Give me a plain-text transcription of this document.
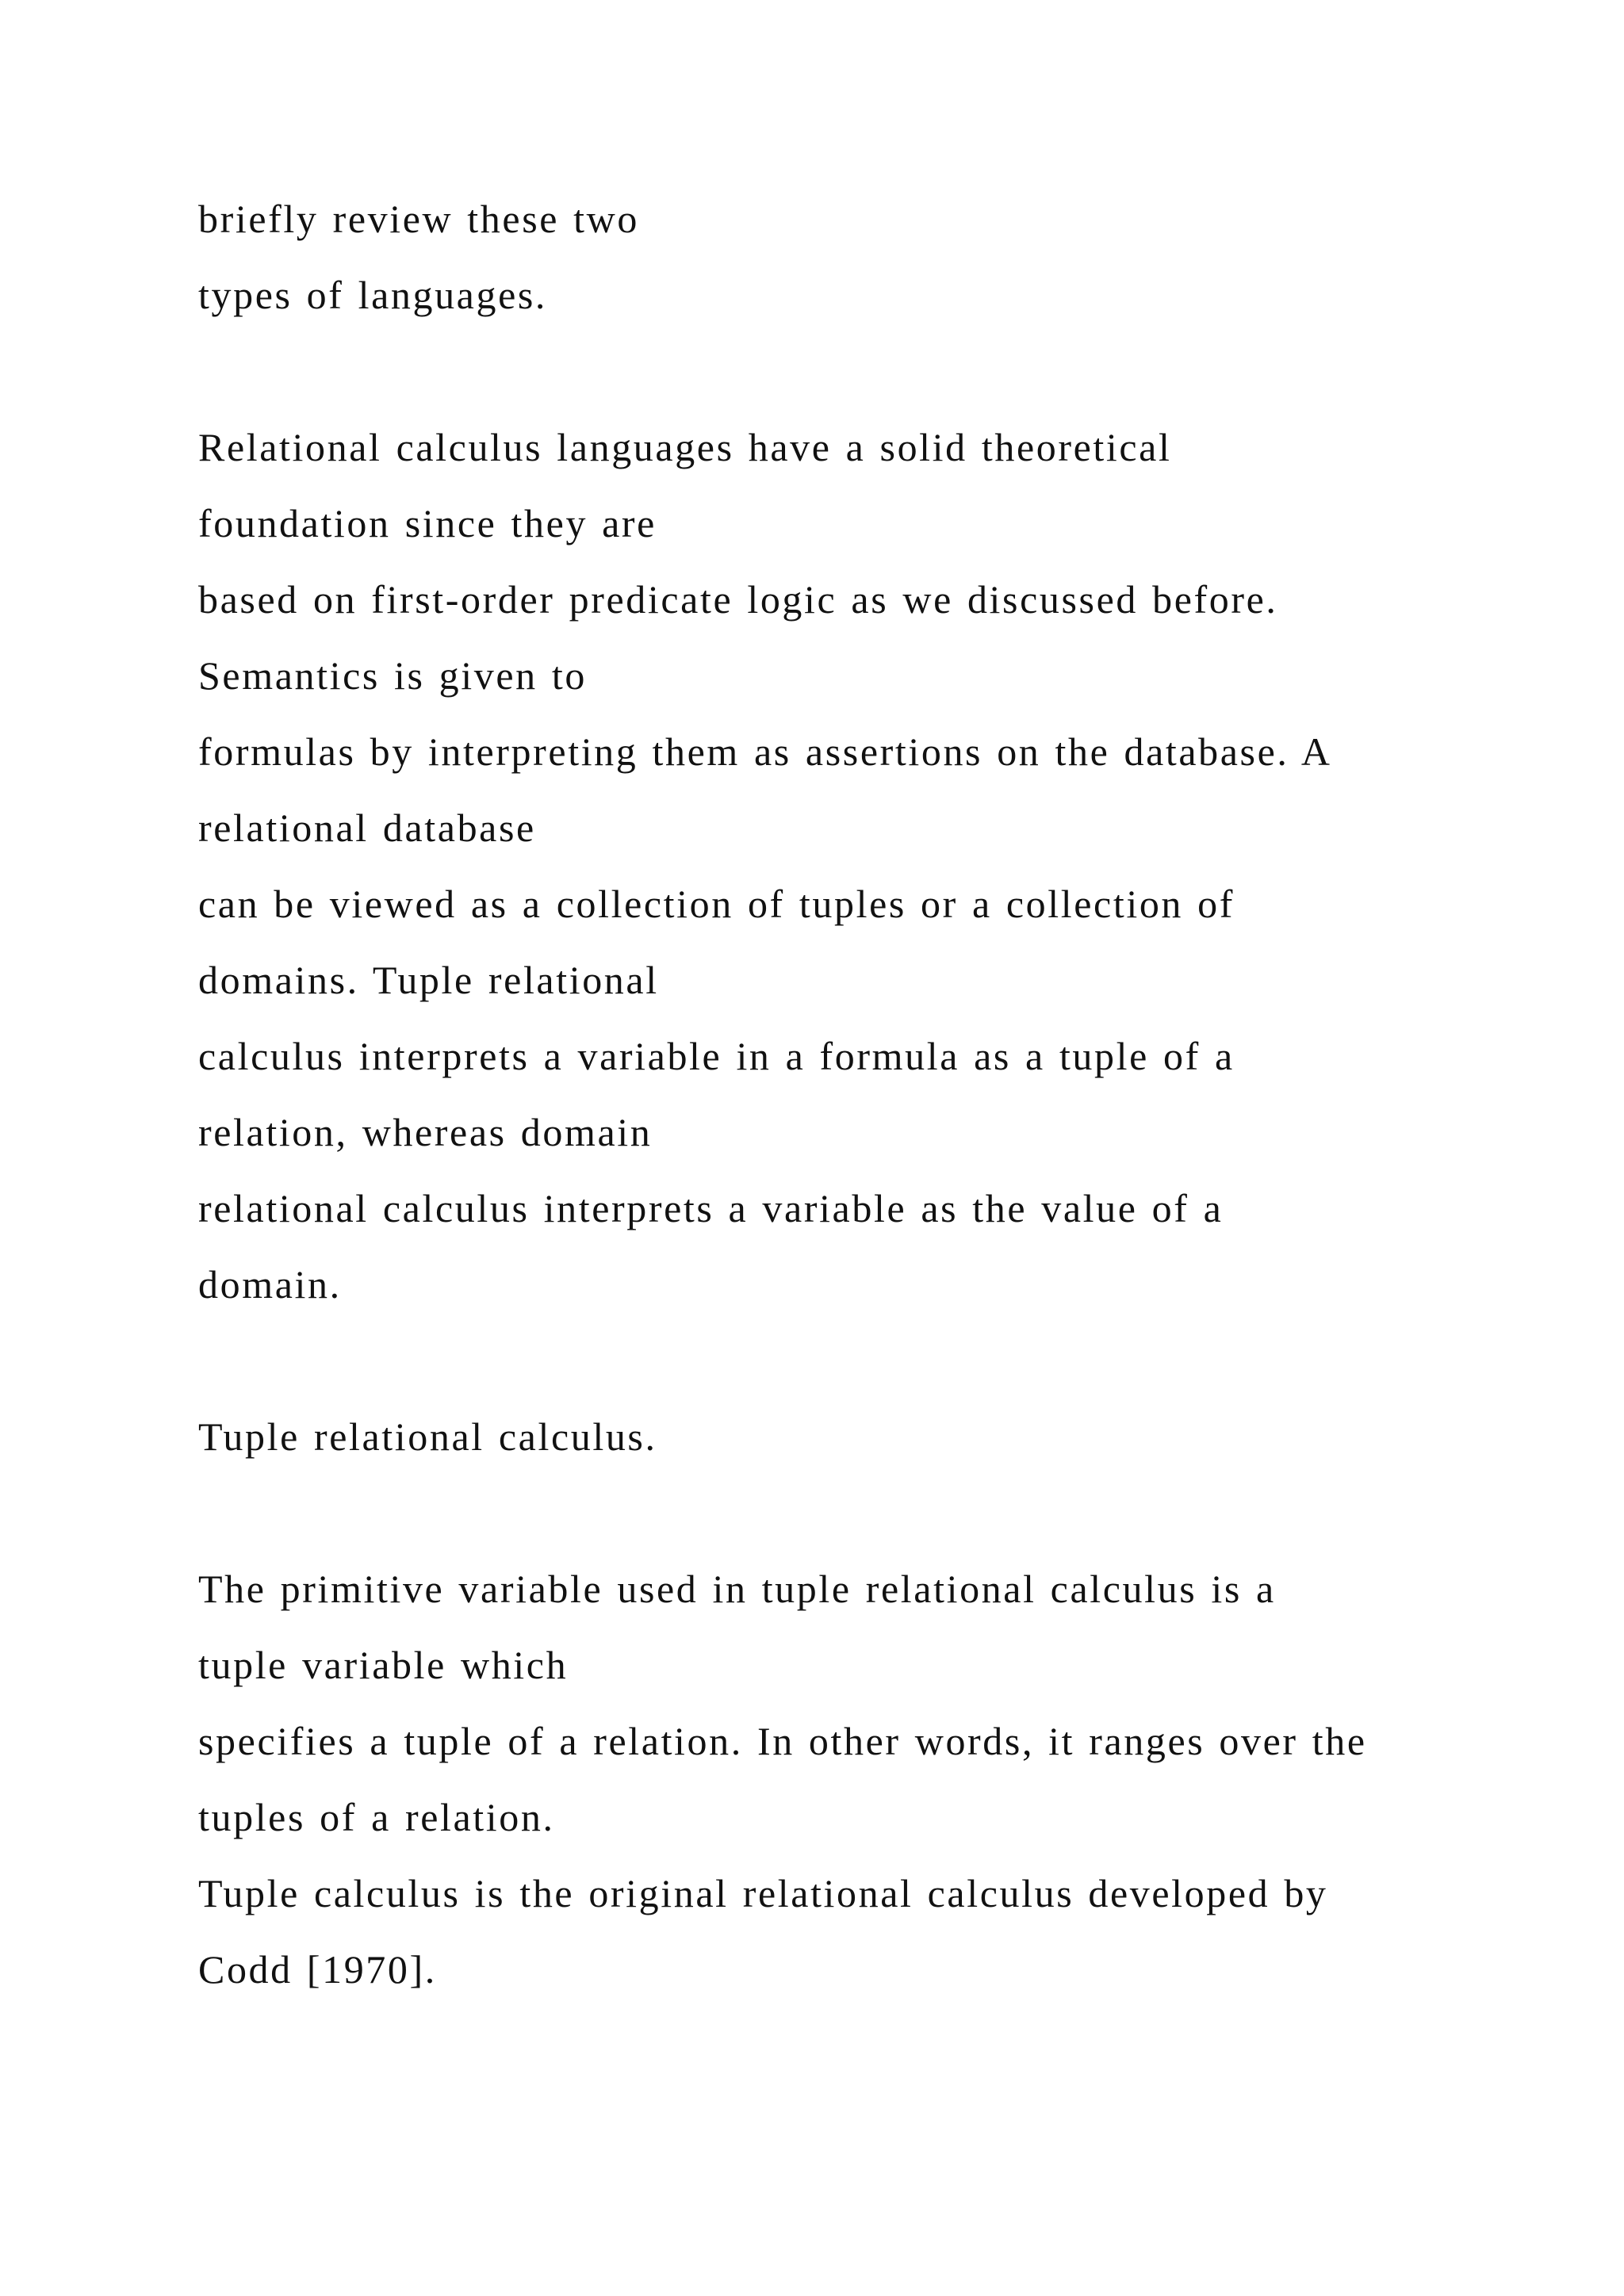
briefly review these two
types of languages.
Relational calculus languages have a solid theoretical
foundation since they are
based on first-order predicate logic as we discussed before.
Semantics is given to
formulas by interpreting them as assertions on the database. A
relational database
can be viewed as a collection of tuples or a collection of
domains. Tuple relational
calculus interprets a variable in a formula as a tuple of a
relation, whereas domain
relational calculus interprets a variable as the value of a
domain.
Tuple relational calculus.
The primitive variable used in tuple relational calculus is a
tuple variable which
specifies a tuple of a relation. In other words, it ranges over the
tuples of a relation.
Tuple calculus is the original relational calculus developed by
Codd [1970].
